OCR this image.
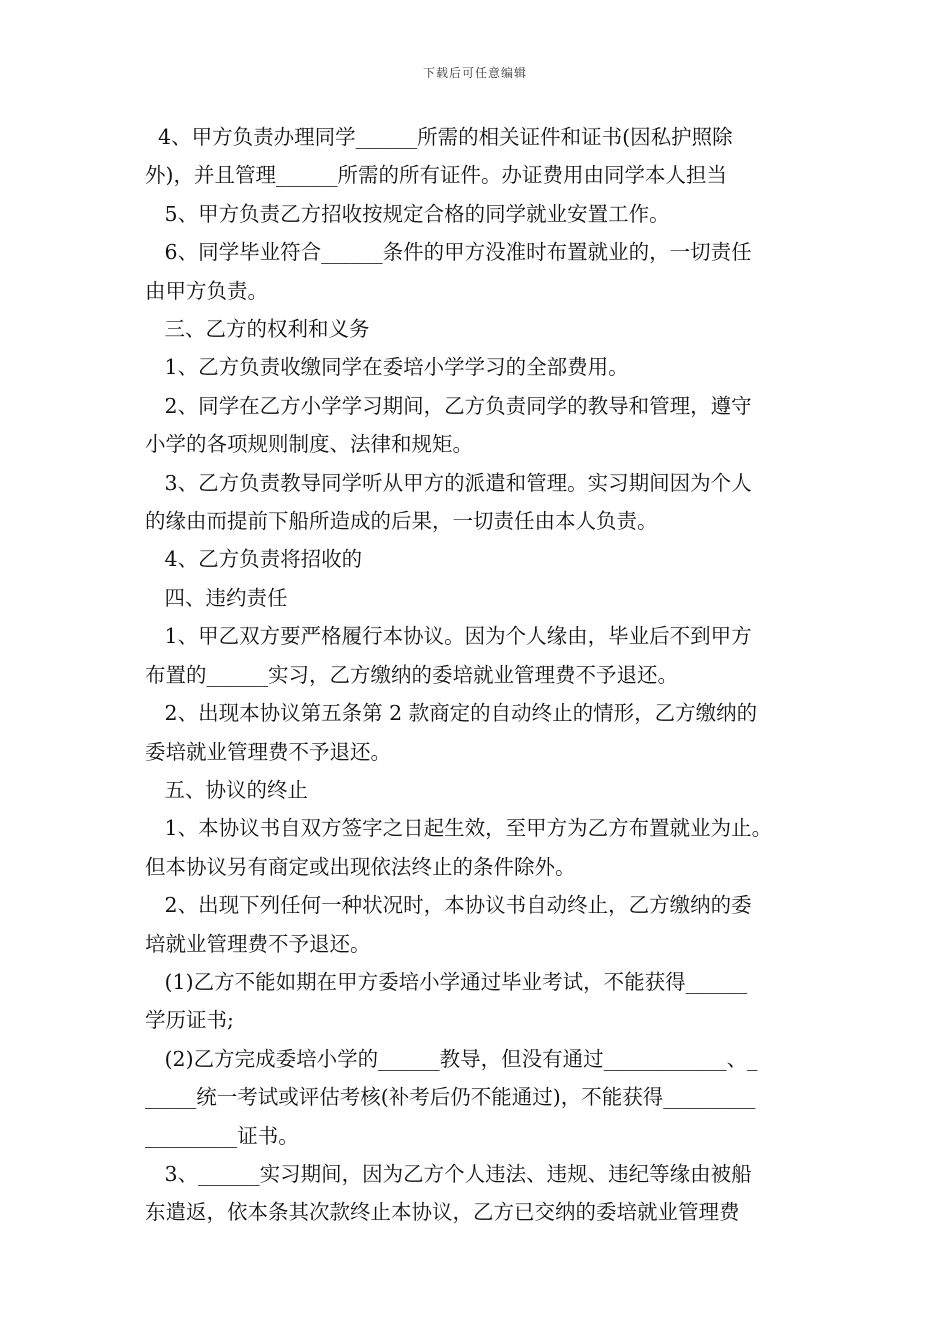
下载后可任意编辑

4、甲方负责办理同学______所需的相关证件和证书(因私护照除
外)，并且管理______所需的所有证件。办证费用由同学本人担当

5、甲方负责乙方招收按规定合格的同学就业安置工作。

6、同学毕业符合______条件的甲方没准时布置就业的，一切责任
由甲方负责。

三、乙方的权利和义务

1、乙方负责收缴同学在委培小学学习的全部费用。

2、同学在乙方小学学习期间，乙方负责同学的教导和管理，遵守
小学的各项规则制度、法律和规矩。

3、乙方负责教导同学听从甲方的派遣和管理。实习期间因为个人
的缘由而提前下船所造成的后果，一切责任由本人负责。

4、乙方负责将招收的

四、违约责任

1、甲乙双方要严格履行本协议。因为个人缘由，毕业后不到甲方
布置的______实习，乙方缴纳的委培就业管理费不予退还。

2、出现本协议第五条第 2 款商定的自动终止的情形，乙方缴纳的
委培就业管理费不予退还。

五、协议的终止

1、本协议书自双方签字之日起生效，至甲方为乙方布置就业为止。
但本协议另有商定或出现依法终止的条件除外。

2、出现下列任何一种状况时，本协议书自动终止，乙方缴纳的委
培就业管理费不予退还。

(1)乙方不能如期在甲方委培小学通过毕业考试，不能获得______
学历证书;

(2)乙方完成委培小学的______教导，但没有通过____________、_
_____统一考试或评估考核(补考后仍不能通过)，不能获得_________
_________证书。

3、______实习期间，因为乙方个人违法、违规、违纪等缘由被船
东遣返，依本条其次款终止本协议，乙方已交纳的委培就业管理费
